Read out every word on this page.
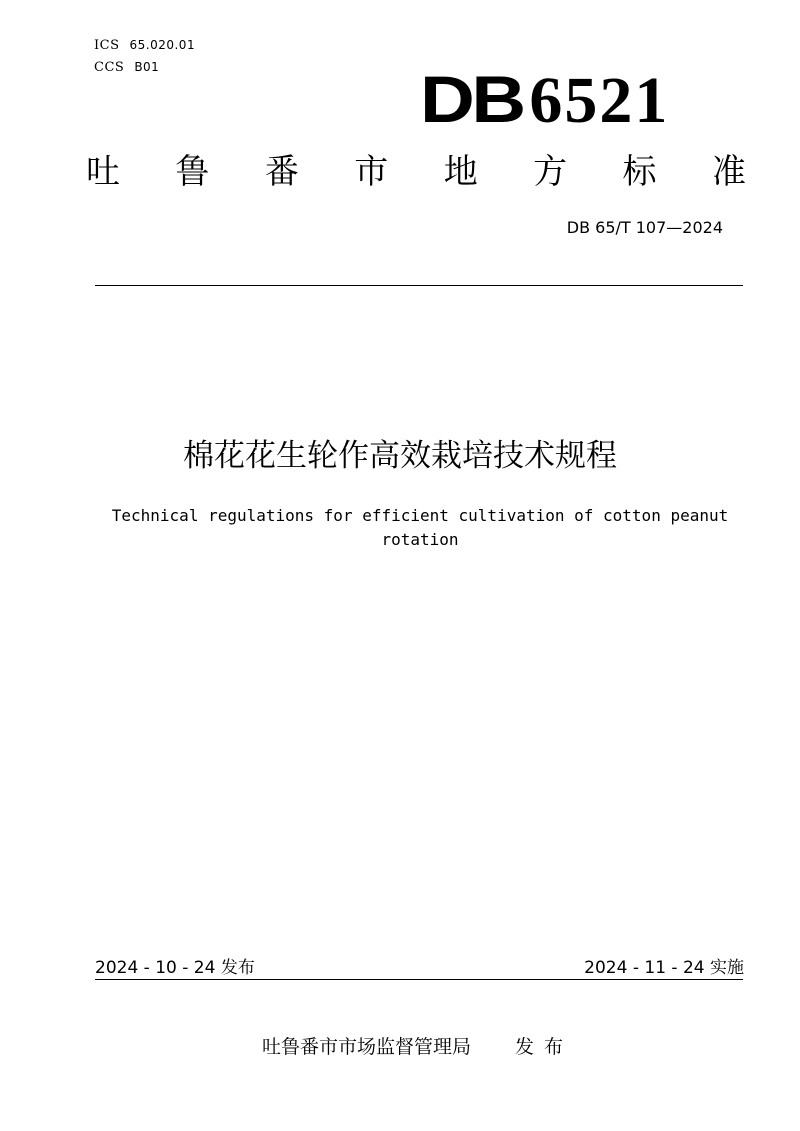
ICS 65.020.01
CCS B01	DB 6521
吐 鲁 番 市 地 方 标 准
DB 65/T 107—2024
棉花花生轮作高效栽培技术规程
Technical regulations for efficient cultivation of cotton peanut rotation
2024 - 10 - 24 发布	2024 - 11 - 24 实施
吐鲁番市市场监督管理局 发布
